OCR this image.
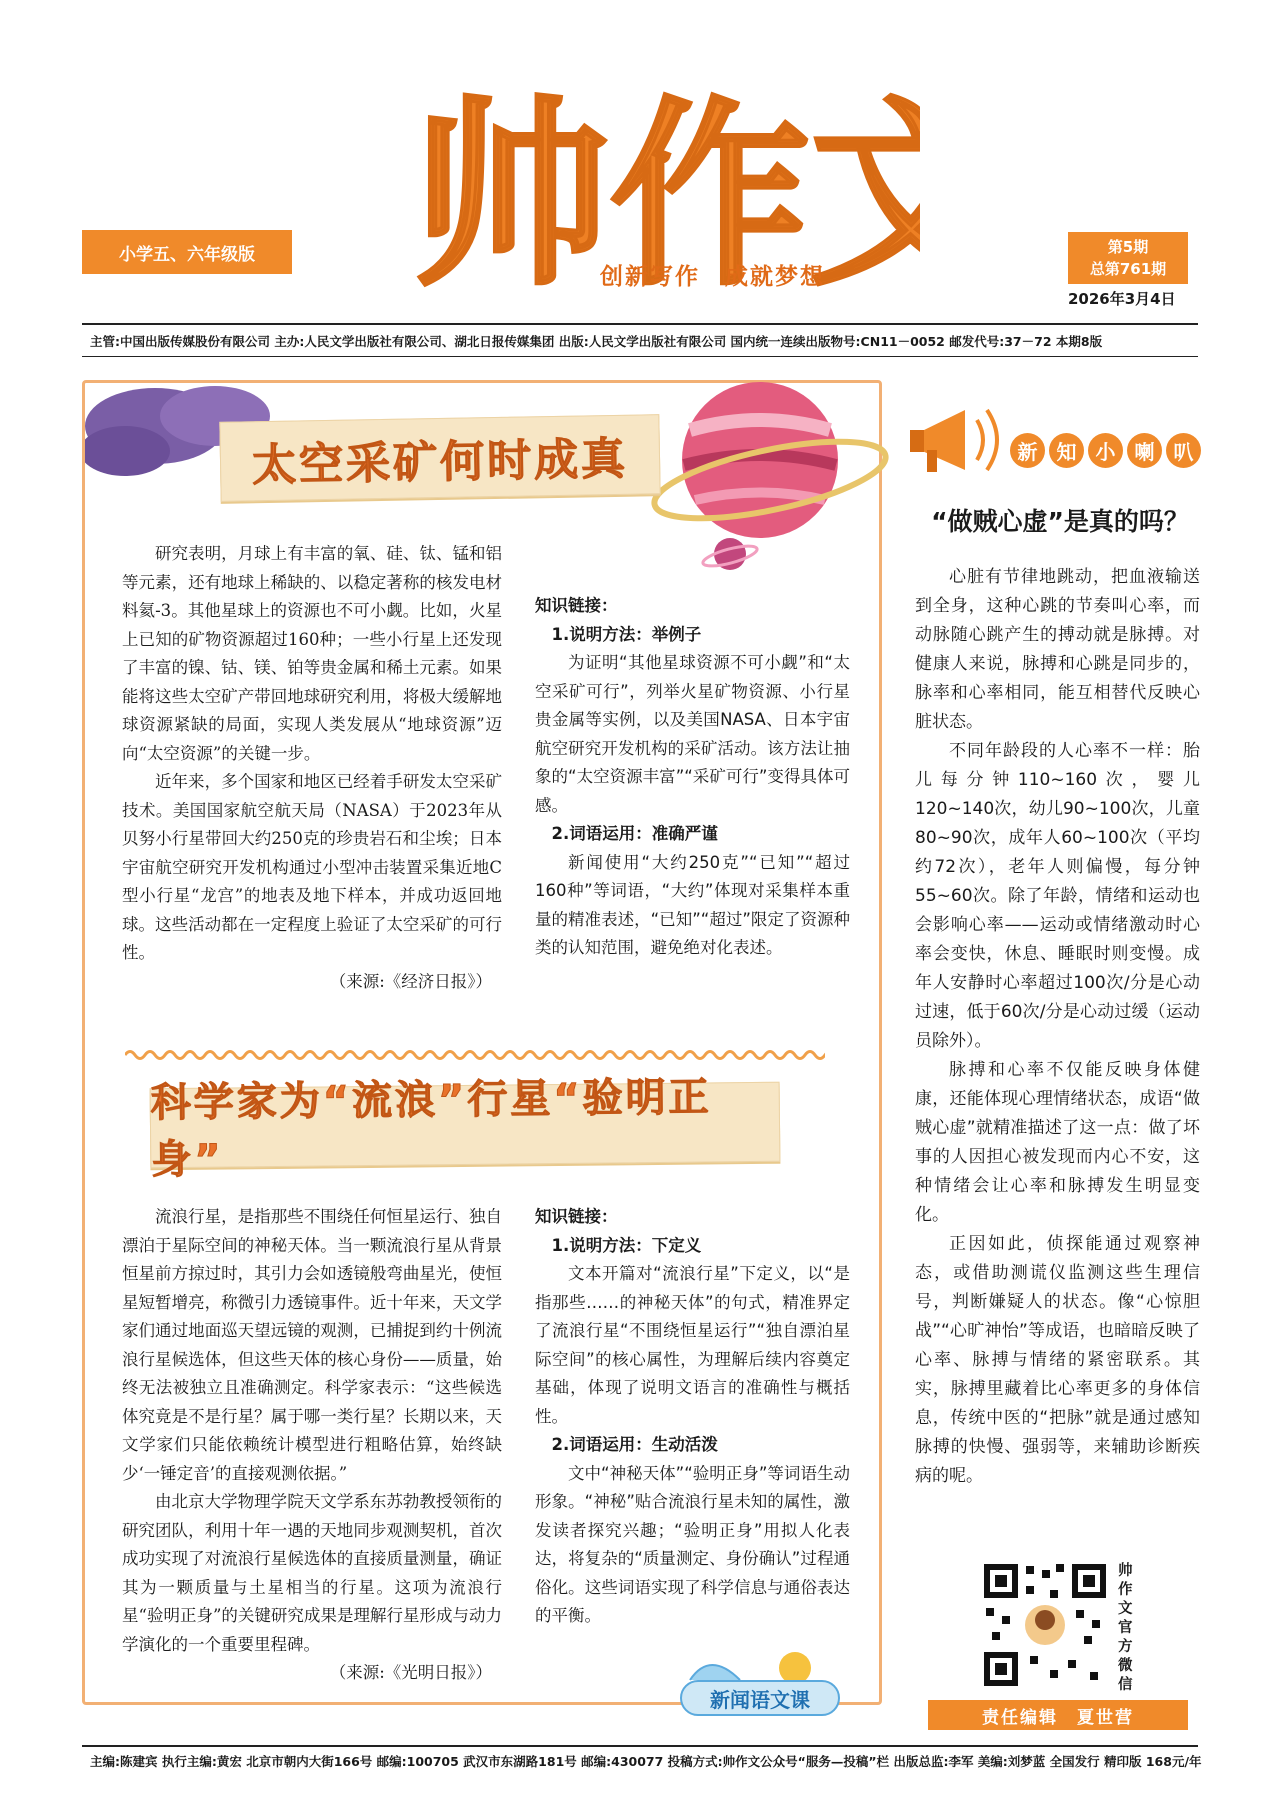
帅作文
小学五、六年级版
创新写作　成就梦想
第5期
总第761期
2026年3月4日
主管:中国出版传媒股份有限公司 主办:人民文学出版社有限公司、湖北日报传媒集团 出版:人民文学出版社有限公司 国内统一连续出版物号:CN11－0052 邮发代号:37－72 本期8版
太空采矿何时成真

研究表明，月球上有丰富的氧、硅、钛、锰和铝等元素，还有地球上稀缺的、以稳定著称的核发电材料氦-3。其他星球上的资源也不可小觑。比如，火星上已知的矿物资源超过160种；一些小行星上还发现了丰富的镍、钴、镁、铂等贵金属和稀土元素。如果能将这些太空矿产带回地球研究利用，将极大缓解地球资源紧缺的局面，实现人类发展从“地球资源”迈向“太空资源”的关键一步。

近年来，多个国家和地区已经着手研发太空采矿技术。美国国家航空航天局（NASA）于2023年从贝努小行星带回大约250克的珍贵岩石和尘埃；日本宇宙航空研究开发机构通过小型冲击装置采集近地C型小行星“龙宫”的地表及地下样本，并成功返回地球。这些活动都在一定程度上验证了太空采矿的可行性。

（来源:《经济日报》）
知识链接：
1.说明方法：举例子

为证明“其他星球资源不可小觑”和“太空采矿可行”，列举火星矿物资源、小行星贵金属等实例，以及美国NASA、日本宇宙航空研究开发机构的采矿活动。该方法让抽象的“太空资源丰富”“采矿可行”变得具体可感。

2.词语运用：准确严谨

新闻使用“大约250克”“已知”“超过160种”等词语，“大约”体现对采集样本重量的精准表述，“已知”“超过”限定了资源种类的认知范围，避免绝对化表述。

科学家为“流浪”行星“验明正身”

流浪行星，是指那些不围绕任何恒星运行、独自漂泊于星际空间的神秘天体。当一颗流浪行星从背景恒星前方掠过时，其引力会如透镜般弯曲星光，使恒星短暂增亮，称微引力透镜事件。近十年来，天文学家们通过地面巡天望远镜的观测，已捕捉到约十例流浪行星候选体，但这些天体的核心身份——质量，始终无法被独立且准确测定。科学家表示：“这些候选体究竟是不是行星？属于哪一类行星？长期以来，天文学家们只能依赖统计模型进行粗略估算，始终缺少‘一锤定音’的直接观测依据。”

由北京大学物理学院天文学系东苏勃教授领衔的研究团队，利用十年一遇的天地同步观测契机，首次成功实现了对流浪行星候选体的直接质量测量，确证其为一颗质量与土星相当的行星。这项为流浪行星“验明正身”的关键研究成果是理解行星形成与动力学演化的一个重要里程碑。

（来源:《光明日报》）
知识链接：
1.说明方法：下定义

文本开篇对“流浪行星”下定义，以“是指那些……的神秘天体”的句式，精准界定了流浪行星“不围绕恒星运行”“独自漂泊星际空间”的核心属性，为理解后续内容奠定基础，体现了说明文语言的准确性与概括性。

2.词语运用：生动活泼

文中“神秘天体”“验明正身”等词语生动形象。“神秘”贴合流浪行星未知的属性，激发读者探究兴趣；“验明正身”用拟人化表达，将复杂的“质量测定、身份确认”过程通俗化。这些词语实现了科学信息与通俗表达的平衡。

新闻语文课
新 知 小 喇 叭
“做贼心虚”是真的吗？

心脏有节律地跳动，把血液输送到全身，这种心跳的节奏叫心率，而动脉随心跳产生的搏动就是脉搏。对健康人来说，脉搏和心跳是同步的，脉率和心率相同，能互相替代反映心脏状态。

不同年龄段的人心率不一样：胎儿每分钟110~160次，婴儿120~140次，幼儿90~100次，儿童80~90次，成年人60~100次（平均约72次），老年人则偏慢，每分钟55~60次。除了年龄，情绪和运动也会影响心率——运动或情绪激动时心率会变快，休息、睡眠时则变慢。成年人安静时心率超过100次/分是心动过速，低于60次/分是心动过缓（运动员除外）。

脉搏和心率不仅能反映身体健康，还能体现心理情绪状态，成语“做贼心虚”就精准描述了这一点：做了坏事的人因担心被发现而内心不安，这种情绪会让心率和脉搏发生明显变化。

正因如此，侦探能通过观察神态，或借助测谎仪监测这些生理信号，判断嫌疑人的状态。像“心惊胆战”“心旷神怡”等成语，也暗暗反映了心率、脉搏与情绪的紧密联系。其实，脉搏里藏着比心率更多的身体信息，传统中医的“把脉”就是通过感知脉搏的快慢、强弱等，来辅助诊断疾病的呢。

帅作文官方微信
责任编辑　夏世营
主编:陈建宾 执行主编:黄宏 北京市朝内大街166号 邮编:100705 武汉市东湖路181号 邮编:430077 投稿方式:帅作文公众号“服务—投稿”栏 出版总监:李军 美编:刘梦蓝 全国发行 精印版 168元/年
